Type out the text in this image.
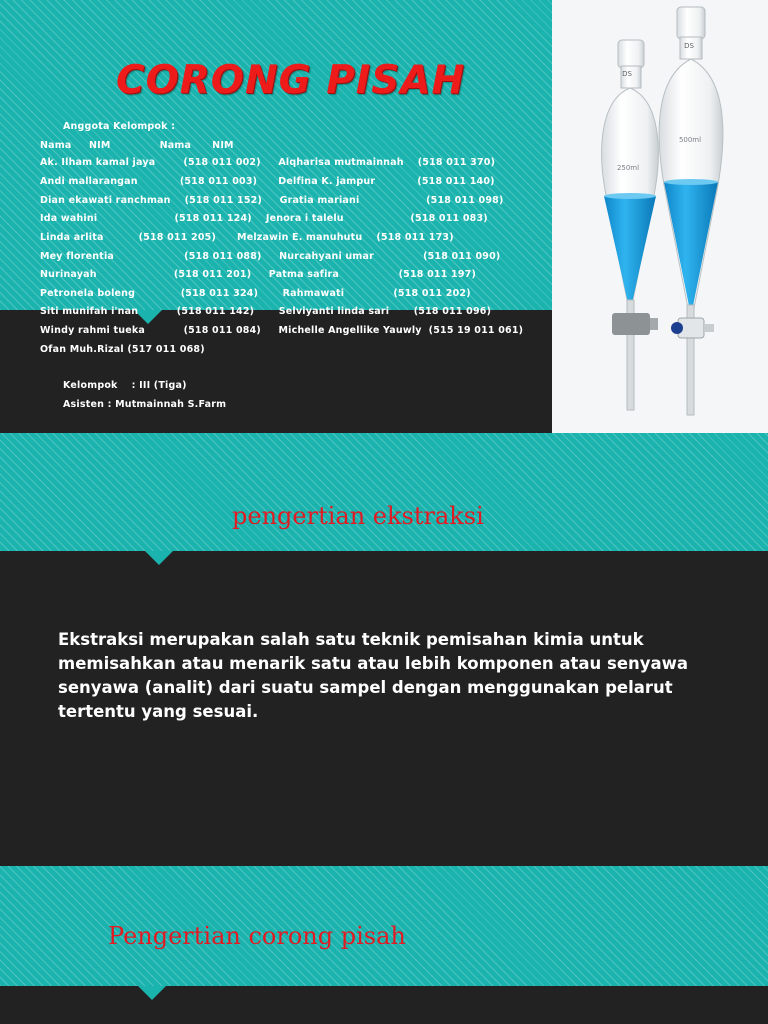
CORONG PISAH

Anggota Kelompok :

Nama     NIM              Nama      NIM

Ak. Ilham kamal jaya        (518 011 002)     Alqharisa mutmainnah    (518 011 370)

Andi mallarangan            (518 011 003)      Delfina K. jampur            (518 011 140)

Dian ekawati ranchman    (518 011 152)     Gratia mariani                   (518 011 098)

Ida wahini                      (518 011 124)    Jenora i talelu                   (518 011 083)

Linda arlita          (518 011 205)      Melzawin E. manuhutu    (518 011 173)

Mey florentia                    (518 011 088)     Nurcahyani umar              (518 011 090)

Nurinayah                      (518 011 201)     Patma safira                 (518 011 197)

Petronela boleng             (518 011 324)       Rahmawati              (518 011 202)

Siti munifah i'nan           (518 011 142)       Selviyanti linda sari       (518 011 096)

Windy rahmi tueka           (518 011 084)     Michelle Angellike Yauwly  (515 19 011 061)

Ofan Muh.Rizal (517 011 068)

Kelompok    : III (Tiga)

Asisten : Mutmainnah S.Farm

DS
250ml
DS
500ml
pengertian ekstraksi

Ekstraksi merupakan salah satu teknik pemisahan kimia untuk memisahkan atau menarik satu atau lebih komponen atau senyawa senyawa (analit) dari suatu sampel dengan menggunakan pelarut tertentu yang sesuai.

Pengertian corong pisah
